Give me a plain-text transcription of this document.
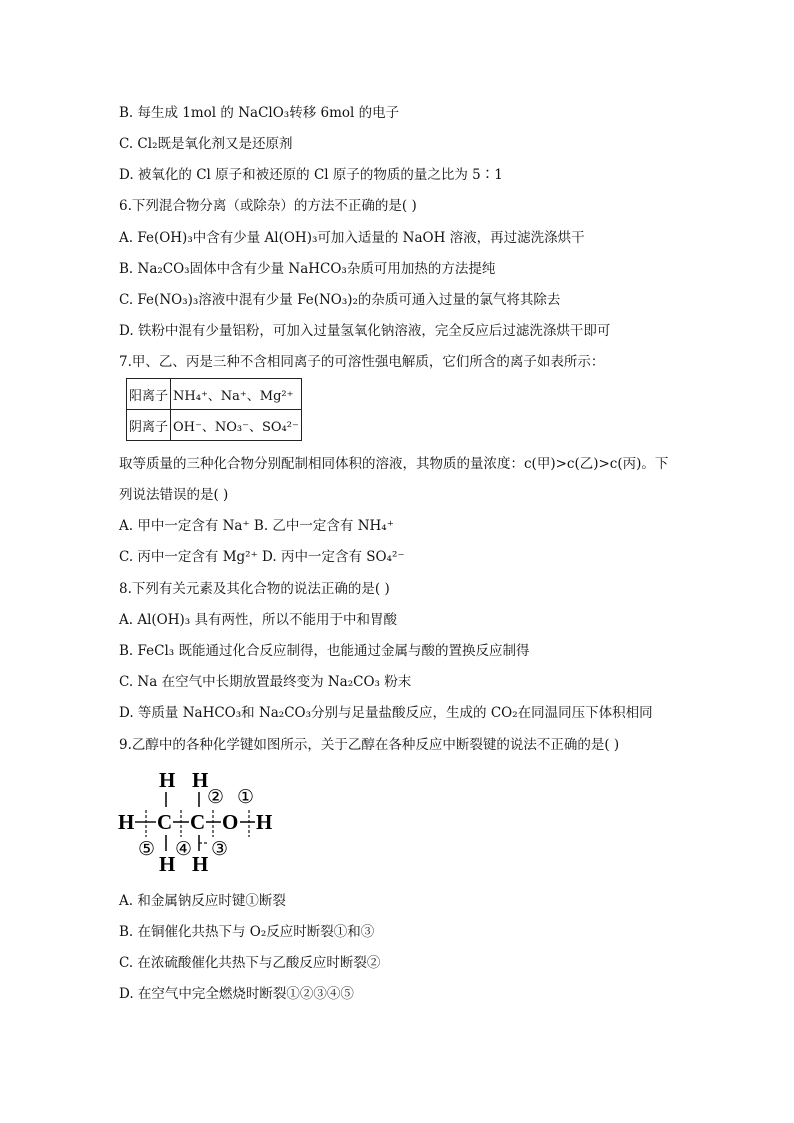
B. 每生成 1mol 的 NaClO₃转移 6mol 的电子
C. Cl₂既是氧化剂又是还原剂
D. 被氧化的 Cl 原子和被还原的 Cl 原子的物质的量之比为 5∶1
6.下列混合物分离（或除杂）的方法不正确的是( )
A. Fe(OH)₃中含有少量 Al(OH)₃可加入适量的 NaOH 溶液，再过滤洗涤烘干
B. Na₂CO₃固体中含有少量 NaHCO₃杂质可用加热的方法提纯
C. Fe(NO₃)₃溶液中混有少量 Fe(NO₃)₂的杂质可通入过量的氯气将其除去
D. 铁粉中混有少量铝粉，可加入过量氢氧化钠溶液，完全反应后过滤洗涤烘干即可
7.甲、乙、丙是三种不含相同离子的可溶性强电解质，它们所含的离子如表所示：
阳离子	NH₄⁺、Na⁺、Mg²⁺
阴离子	OH⁻、NO₃⁻、SO₄²⁻
取等质量的三种化合物分别配制相同体积的溶液，其物质的量浓度：c(甲)>c(乙)>c(丙)。下
列说法错误的是( )
A. 甲中一定含有 Na⁺ B. 乙中一定含有 NH₄⁺
C. 丙中一定含有 Mg²⁺ D. 丙中一定含有 SO₄²⁻
8.下列有关元素及其化合物的说法正确的是( )
A. Al(OH)₃ 具有两性，所以不能用于中和胃酸
B. FeCl₃ 既能通过化合反应制得，也能通过金属与酸的置换反应制得
C. Na 在空气中长期放置最终变为 Na₂CO₃ 粉末
D. 等质量 NaHCO₃和 Na₂CO₃分别与足量盐酸反应，生成的 CO₂在同温同压下体积相同
9.乙醇中的各种化学键如图所示，关于乙醇在各种反应中断裂键的说法不正确的是( )
H H
H C C O H
H H
② ①
⑤ ④ ③
A. 和金属钠反应时键①断裂
B. 在铜催化共热下与 O₂反应时断裂①和③
C. 在浓硫酸催化共热下与乙酸反应时断裂②
D. 在空气中完全燃烧时断裂①②③④⑤
